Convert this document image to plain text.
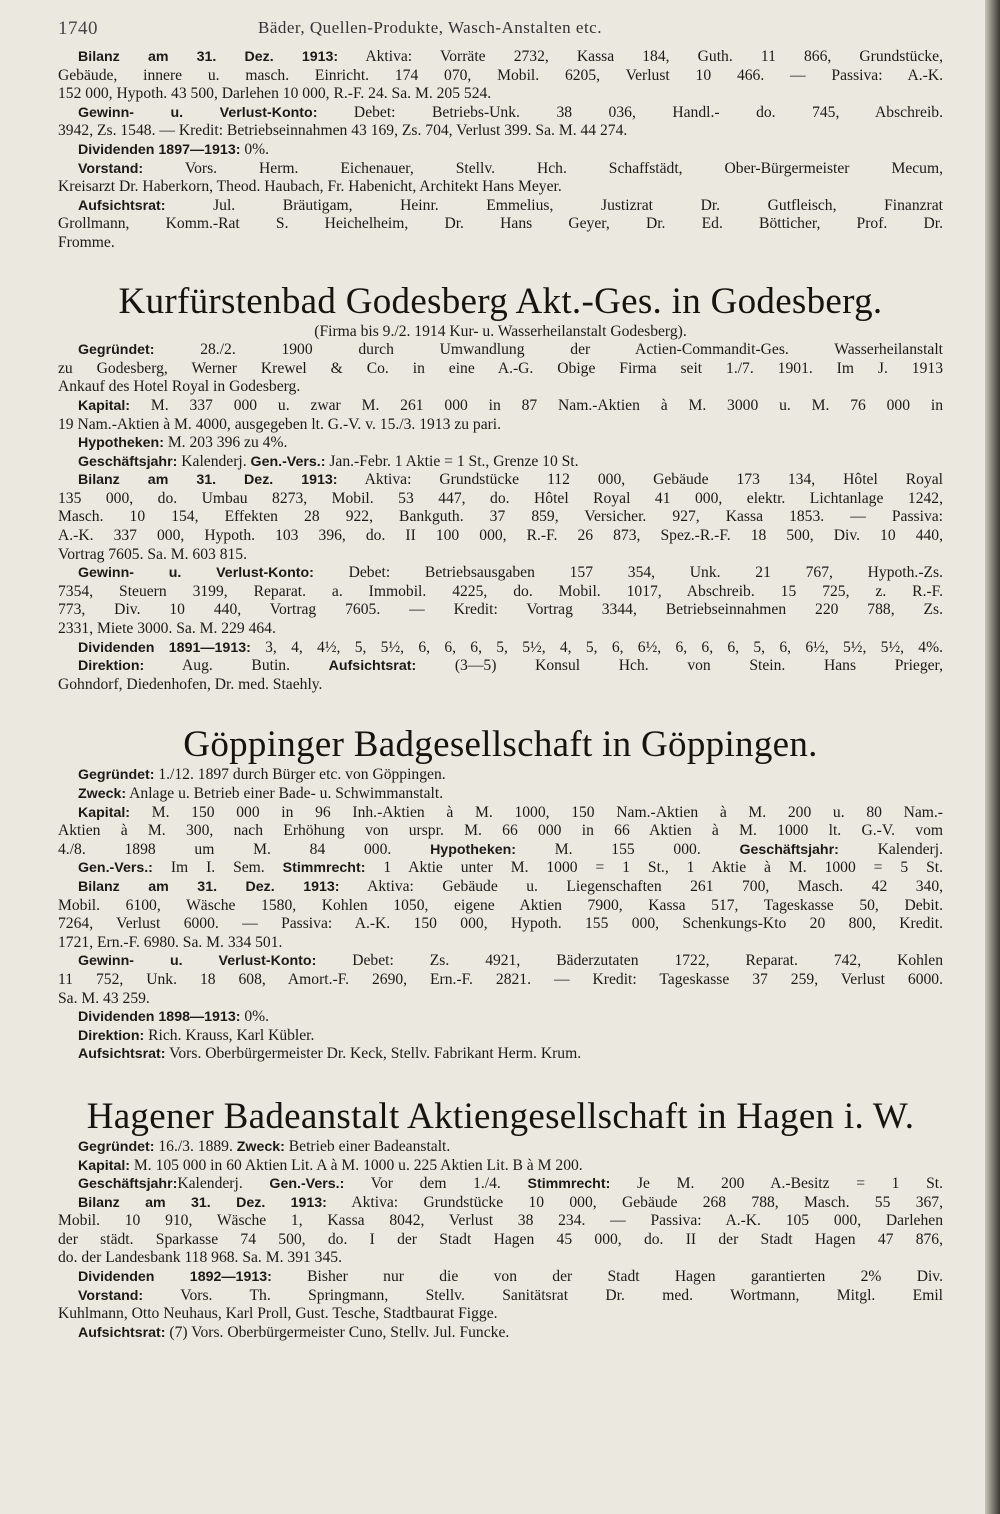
1740	Bäder, Quellen-Produkte, Wasch-Anstalten etc.
Bilanz am 31. Dez. 1913: Aktiva: Vorräte 2732, Kassa 184, Guth. 11 866, Grundstücke,
Gebäude, innere u. masch. Einricht. 174 070, Mobil. 6205, Verlust 10 466. — Passiva: A.-K.
152 000, Hypoth. 43 500, Darlehen 10 000, R.-F. 24. Sa. M. 205 524.
Gewinn- u. Verlust-Konto: Debet: Betriebs-Unk. 38 036, Handl.- do. 745, Abschreib.
3942, Zs. 1548. — Kredit: Betriebseinnahmen 43 169, Zs. 704, Verlust 399. Sa. M. 44 274.
Dividenden 1897—1913: 0%.
Vorstand: Vors. Herm. Eichenauer, Stellv. Hch. Schaffstädt, Ober-Bürgermeister Mecum,
Kreisarzt Dr. Haberkorn, Theod. Haubach, Fr. Habenicht, Architekt Hans Meyer.
Aufsichtsrat: Jul. Bräutigam, Heinr. Emmelius, Justizrat Dr. Gutfleisch, Finanzrat
Grollmann, Komm.-Rat S. Heichelheim, Dr. Hans Geyer, Dr. Ed. Bötticher, Prof. Dr.
Fromme.
Kurfürstenbad Godesberg Akt.-Ges. in Godesberg.
(Firma bis 9./2. 1914 Kur- u. Wasserheilanstalt Godesberg).
Gegründet: 28./2. 1900 durch Umwandlung der Actien-Commandit-Ges. Wasserheilanstalt
zu Godesberg, Werner Krewel & Co. in eine A.-G. Obige Firma seit 1./7. 1901. Im J. 1913
Ankauf des Hotel Royal in Godesberg.
Kapital: M. 337 000 u. zwar M. 261 000 in 87 Nam.-Aktien à M. 3000 u. M. 76 000 in
19 Nam.-Aktien à M. 4000, ausgegeben lt. G.-V. v. 15./3. 1913 zu pari.
Hypotheken: M. 203 396 zu 4%.
Geschäftsjahr: Kalenderj. Gen.-Vers.: Jan.-Febr. 1 Aktie = 1 St., Grenze 10 St.
Bilanz am 31. Dez. 1913: Aktiva: Grundstücke 112 000, Gebäude 173 134, Hôtel Royal
135 000, do. Umbau 8273, Mobil. 53 447, do. Hôtel Royal 41 000, elektr. Lichtanlage 1242,
Masch. 10 154, Effekten 28 922, Bankguth. 37 859, Versicher. 927, Kassa 1853. — Passiva:
A.-K. 337 000, Hypoth. 103 396, do. II 100 000, R.-F. 26 873, Spez.-R.-F. 18 500, Div. 10 440,
Vortrag 7605. Sa. M. 603 815.
Gewinn- u. Verlust-Konto: Debet: Betriebsausgaben 157 354, Unk. 21 767, Hypoth.-Zs.
7354, Steuern 3199, Reparat. a. Immobil. 4225, do. Mobil. 1017, Abschreib. 15 725, z. R.-F.
773, Div. 10 440, Vortrag 7605. — Kredit: Vortrag 3344, Betriebseinnahmen 220 788, Zs.
2331, Miete 3000. Sa. M. 229 464.
Dividenden 1891—1913: 3, 4, 4½, 5, 5½, 6, 6, 6, 5, 5½, 4, 5, 6, 6½, 6, 6, 6, 5, 6, 6½, 5½, 5½, 4%.
Direktion: Aug. Butin.	Aufsichtsrat: (3—5) Konsul Hch. von Stein. Hans Prieger,
Gohndorf, Diedenhofen, Dr. med. Staehly.
Göppinger Badgesellschaft in Göppingen.
Gegründet: 1./12. 1897 durch Bürger etc. von Göppingen.
Zweck: Anlage u. Betrieb einer Bade- u. Schwimmanstalt.
Kapital: M. 150 000 in 96 Inh.-Aktien à M. 1000, 150 Nam.-Aktien à M. 200 u. 80 Nam.-
Aktien à M. 300, nach Erhöhung von urspr. M. 66 000 in 66 Aktien à M. 1000 lt. G.-V. vom
4./8. 1898 um M. 84 000.	Hypotheken: M. 155 000.	Geschäftsjahr: Kalenderj.
Gen.-Vers.: Im I. Sem. Stimmrecht: 1 Aktie unter M. 1000 = 1 St., 1 Aktie à M. 1000 = 5 St.
Bilanz am 31. Dez. 1913: Aktiva: Gebäude u. Liegenschaften 261 700, Masch. 42 340,
Mobil. 6100, Wäsche 1580, Kohlen 1050, eigene Aktien 7900, Kassa 517, Tageskasse 50, Debit.
7264, Verlust 6000. — Passiva: A.-K. 150 000, Hypoth. 155 000, Schenkungs-Kto 20 800, Kredit.
1721, Ern.-F. 6980. Sa. M. 334 501.
Gewinn- u. Verlust-Konto: Debet: Zs. 4921, Bäderzutaten 1722, Reparat. 742, Kohlen
11 752, Unk. 18 608, Amort.-F. 2690, Ern.-F. 2821. — Kredit: Tageskasse 37 259, Verlust 6000.
Sa. M. 43 259.
Dividenden 1898—1913: 0%.
Direktion: Rich. Krauss, Karl Kübler.
Aufsichtsrat: Vors. Oberbürgermeister Dr. Keck, Stellv. Fabrikant Herm. Krum.
Hagener Badeanstalt Aktiengesellschaft in Hagen i. W.
Gegründet: 16./3. 1889. Zweck: Betrieb einer Badeanstalt.
Kapital: M. 105 000 in 60 Aktien Lit. A à M. 1000 u. 225 Aktien Lit. B à M 200.
Geschäftsjahr:Kalenderj. Gen.-Vers.: Vor dem 1./4. Stimmrecht: Je M. 200 A.-Besitz = 1 St.
Bilanz am 31. Dez. 1913: Aktiva: Grundstücke 10 000, Gebäude 268 788, Masch. 55 367,
Mobil. 10 910, Wäsche 1, Kassa 8042, Verlust 38 234. — Passiva: A.-K. 105 000, Darlehen
der städt. Sparkasse 74 500, do. I der Stadt Hagen 45 000, do. II der Stadt Hagen 47 876,
do. der Landesbank 118 968. Sa. M. 391 345.
Dividenden 1892—1913: Bisher nur die von der Stadt Hagen garantierten 2% Div.
Vorstand: Vors. Th. Springmann, Stellv. Sanitätsrat Dr. med. Wortmann, Mitgl. Emil
Kuhlmann, Otto Neuhaus, Karl Proll, Gust. Tesche, Stadtbaurat Figge.
Aufsichtsrat: (7) Vors. Oberbürgermeister Cuno, Stellv. Jul. Funcke.
